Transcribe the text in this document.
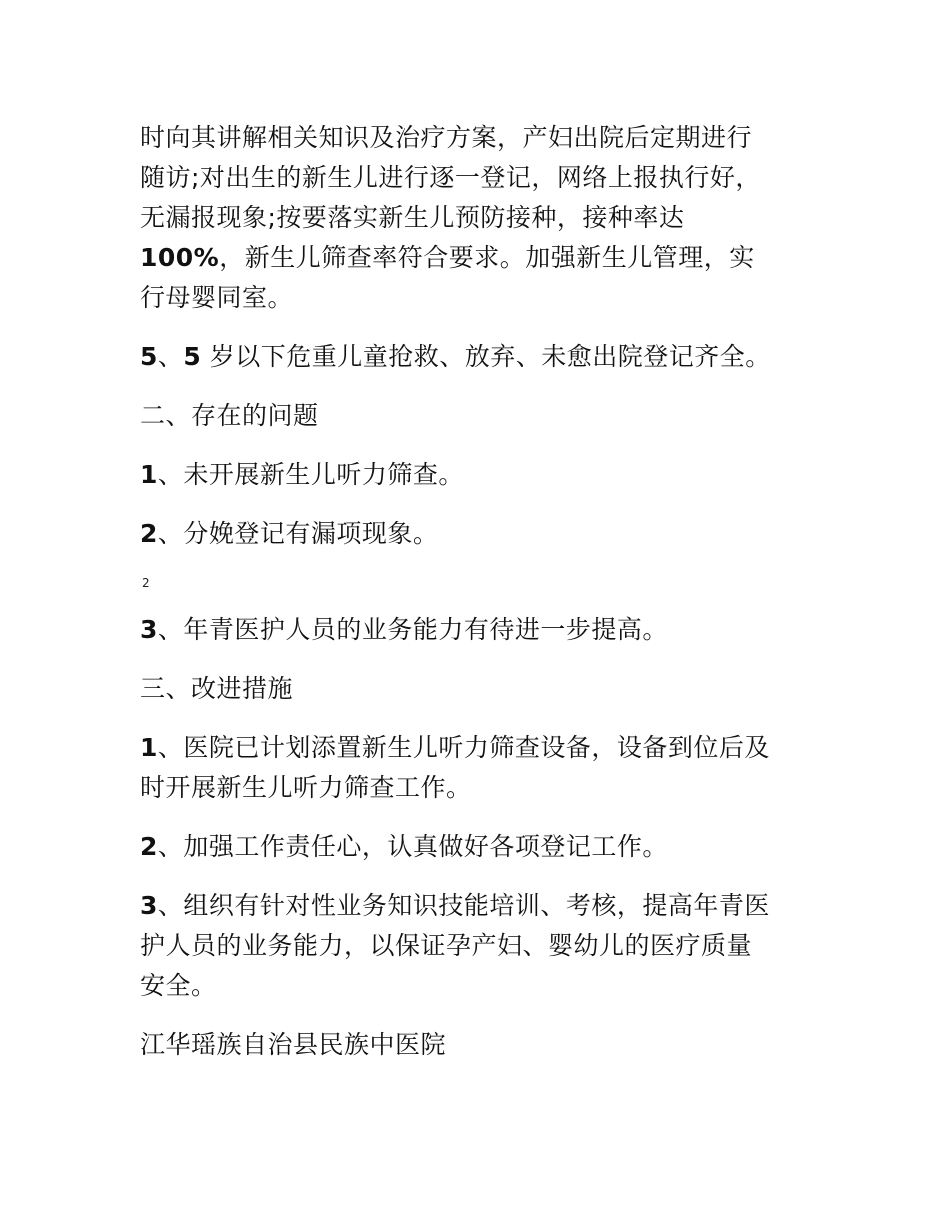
时向其讲解相关知识及治疗方案，产妇出院后定期进行
随访;对出生的新生儿进行逐一登记，网络上报执行好，
无漏报现象;按要落实新生儿预防接种，接种率达
100%，新生儿筛查率符合要求。加强新生儿管理，实
行母婴同室。

5、5 岁以下危重儿童抢救、放弃、未愈出院登记齐全。

二、存在的问题

1、未开展新生儿听力筛查。

2、分娩登记有漏项现象。

2

3、年青医护人员的业务能力有待进一步提高。

三、改进措施

1、医院已计划添置新生儿听力筛查设备，设备到位后及
时开展新生儿听力筛查工作。

2、加强工作责任心，认真做好各项登记工作。

3、组织有针对性业务知识技能培训、考核，提高年青医
护人员的业务能力，以保证孕产妇、婴幼儿的医疗质量
安全。

江华瑶族自治县民族中医院
